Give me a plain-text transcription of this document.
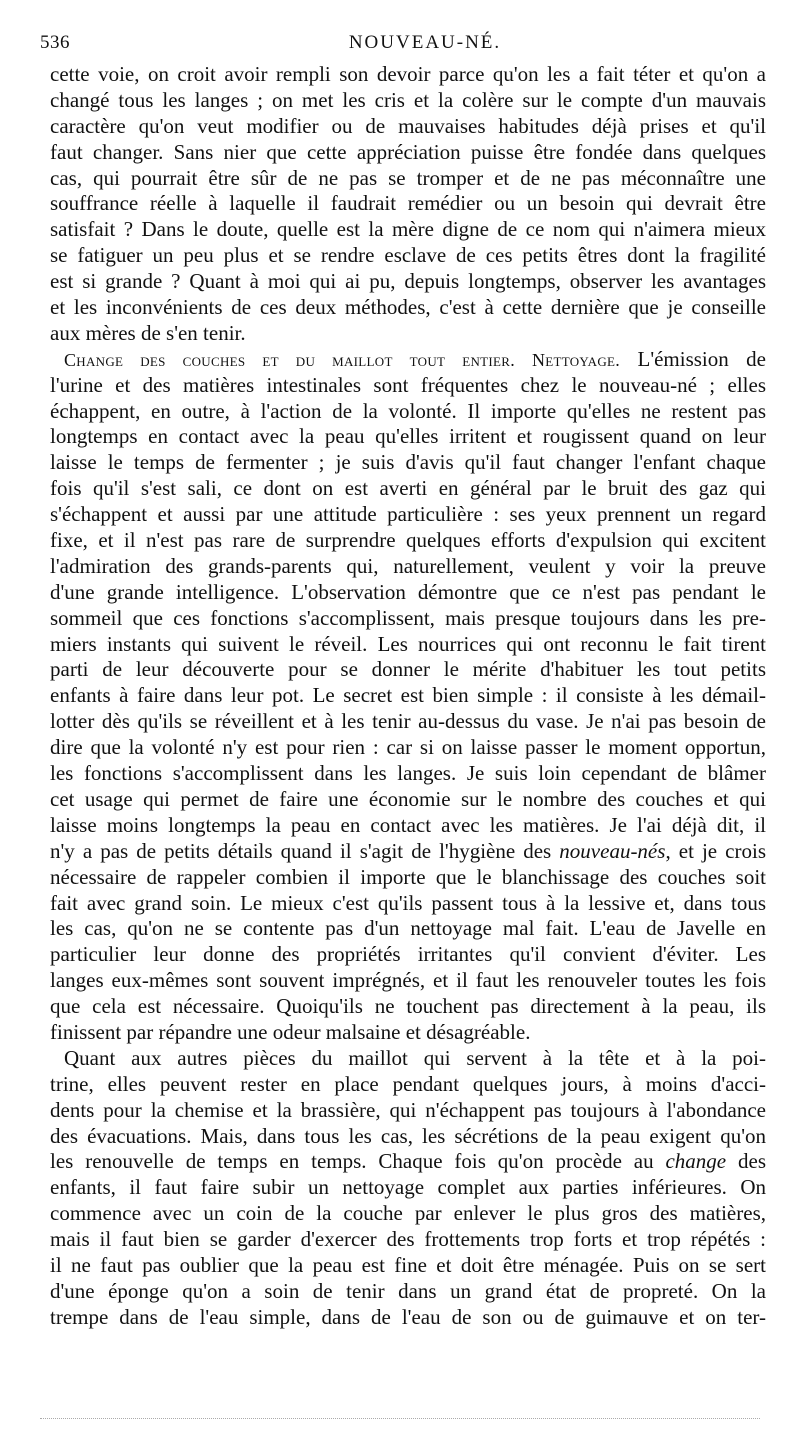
536	NOUVEAU-NÉ.
cette voie, on croit avoir rempli son devoir parce qu'on les a fait téter et qu'on a
changé tous les langes ; on met les cris et la colère sur le compte d'un mauvais
caractère qu'on veut modifier ou de mauvaises habitudes déjà prises et qu'il
faut changer. Sans nier que cette appréciation puisse être fondée dans quelques
cas, qui pourrait être sûr de ne pas se tromper et de ne pas méconnaître une
souffrance réelle à laquelle il faudrait remédier ou un besoin qui devrait être
satisfait ? Dans le doute, quelle est la mère digne de ce nom qui n'aimera mieux
se fatiguer un peu plus et se rendre esclave de ces petits êtres dont la fragilité
est si grande ? Quant à moi qui ai pu, depuis longtemps, observer les avantages
et les inconvénients de ces deux méthodes, c'est à cette dernière que je conseille
aux mères de s'en tenir.
Change des couches et du maillot tout entier. Nettoyage. L'émission de
l'urine et des matières intestinales sont fréquentes chez le nouveau-né ; elles
échappent, en outre, à l'action de la volonté. Il importe qu'elles ne restent pas
longtemps en contact avec la peau qu'elles irritent et rougissent quand on leur
laisse le temps de fermenter ; je suis d'avis qu'il faut changer l'enfant chaque
fois qu'il s'est sali, ce dont on est averti en général par le bruit des gaz qui
s'échappent et aussi par une attitude particulière : ses yeux prennent un regard
fixe, et il n'est pas rare de surprendre quelques efforts d'expulsion qui excitent
l'admiration des grands-parents qui, naturellement, veulent y voir la preuve
d'une grande intelligence. L'observation démontre que ce n'est pas pendant le
sommeil que ces fonctions s'accomplissent, mais presque toujours dans les pre-
miers instants qui suivent le réveil. Les nourrices qui ont reconnu le fait tirent
parti de leur découverte pour se donner le mérite d'habituer les tout petits
enfants à faire dans leur pot. Le secret est bien simple : il consiste à les démail-
lotter dès qu'ils se réveillent et à les tenir au-dessus du vase. Je n'ai pas besoin de
dire que la volonté n'y est pour rien : car si on laisse passer le moment opportun,
les fonctions s'accomplissent dans les langes. Je suis loin cependant de blâmer
cet usage qui permet de faire une économie sur le nombre des couches et qui
laisse moins longtemps la peau en contact avec les matières. Je l'ai déjà dit, il
n'y a pas de petits détails quand il s'agit de l'hygiène des nouveau-nés, et je crois
nécessaire de rappeler combien il importe que le blanchissage des couches soit
fait avec grand soin. Le mieux c'est qu'ils passent tous à la lessive et, dans tous
les cas, qu'on ne se contente pas d'un nettoyage mal fait. L'eau de Javelle en
particulier leur donne des propriétés irritantes qu'il convient d'éviter. Les
langes eux-mêmes sont souvent imprégnés, et il faut les renouveler toutes les fois
que cela est nécessaire. Quoiqu'ils ne touchent pas directement à la peau, ils
finissent par répandre une odeur malsaine et désagréable.
Quant aux autres pièces du maillot qui servent à la tête et à la poi-
trine, elles peuvent rester en place pendant quelques jours, à moins d'acci-
dents pour la chemise et la brassière, qui n'échappent pas toujours à l'abondance
des évacuations. Mais, dans tous les cas, les sécrétions de la peau exigent qu'on
les renouvelle de temps en temps. Chaque fois qu'on procède au change des
enfants, il faut faire subir un nettoyage complet aux parties inférieures. On
commence avec un coin de la couche par enlever le plus gros des matières,
mais il faut bien se garder d'exercer des frottements trop forts et trop répétés :
il ne faut pas oublier que la peau est fine et doit être ménagée. Puis on se sert
d'une éponge qu'on a soin de tenir dans un grand état de propreté. On la
trempe dans de l'eau simple, dans de l'eau de son ou de guimauve et on ter-
